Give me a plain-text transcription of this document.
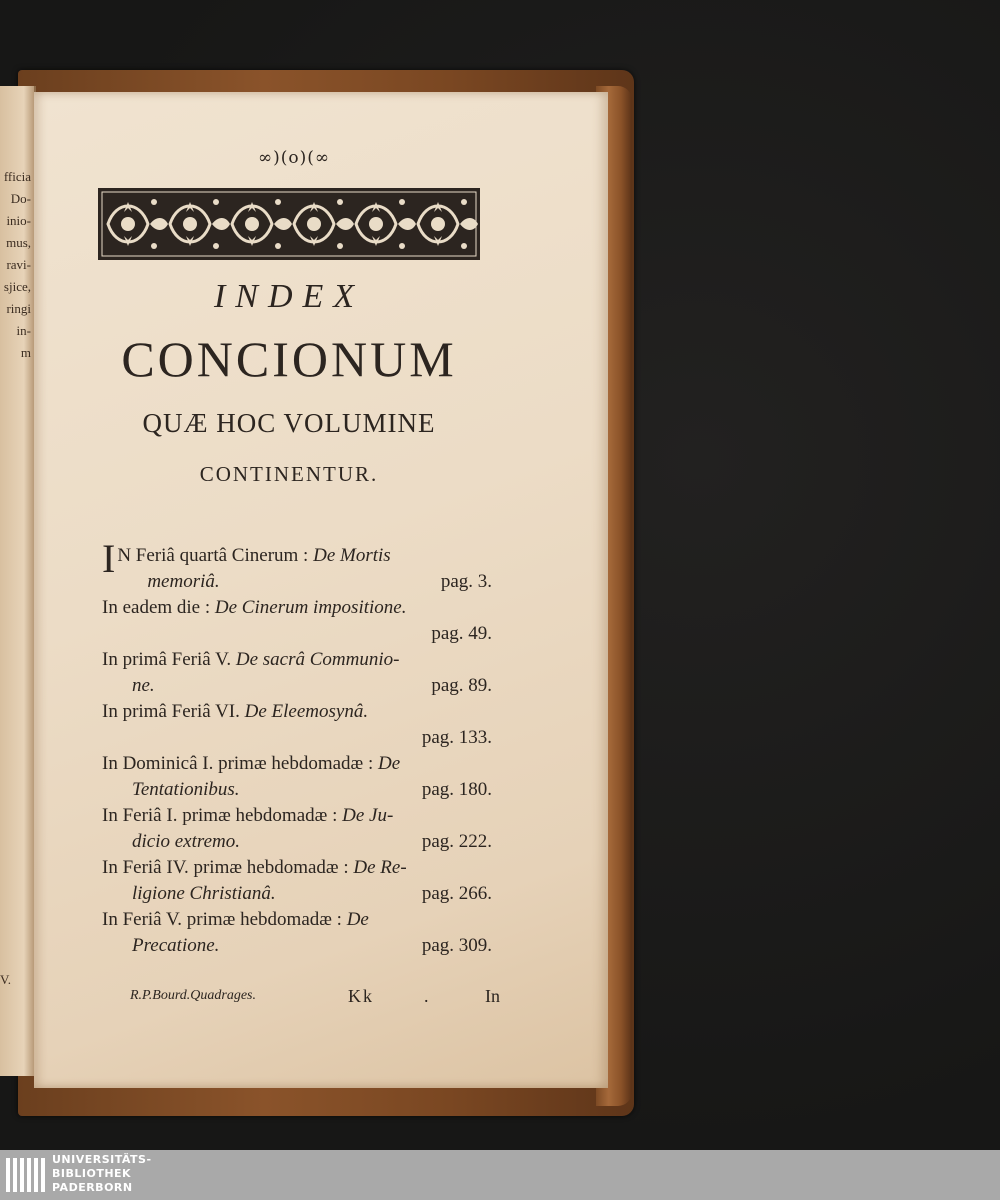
fficia
Do-
inio-
mus,
ravi-
sjice,
ringi
in-
m
V.
∞)(o)(∞
INDEX
CONCIONUM
QUÆ HOC VOLUMINE
CONTINENTUR.
I N Feriâ quartâ Cinerum : De Mortis
memoriâ.	pag. 3.
In eadem die : De Cinerum impositione.
pag. 49.
In primâ Feriâ V. De sacrâ Communio-
ne.	pag. 89.
In primâ Feriâ VI. De Eleemosynâ.
pag. 133.
In Dominicâ I. primæ hebdomadæ : De
Tentationibus.	pag. 180.
In Feriâ I. primæ hebdomadæ : De Ju-
dicio extremo.	pag. 222.
In Feriâ IV. primæ hebdomadæ : De Re-
ligione Christianâ.	pag. 266.
In Feriâ V. primæ hebdomadæ : De
Precatione.	pag. 309.
R.P.Bourd.Quadrages.	Kk	.	In
UNIVERSITÄTS-
BIBLIOTHEK
PADERBORN
